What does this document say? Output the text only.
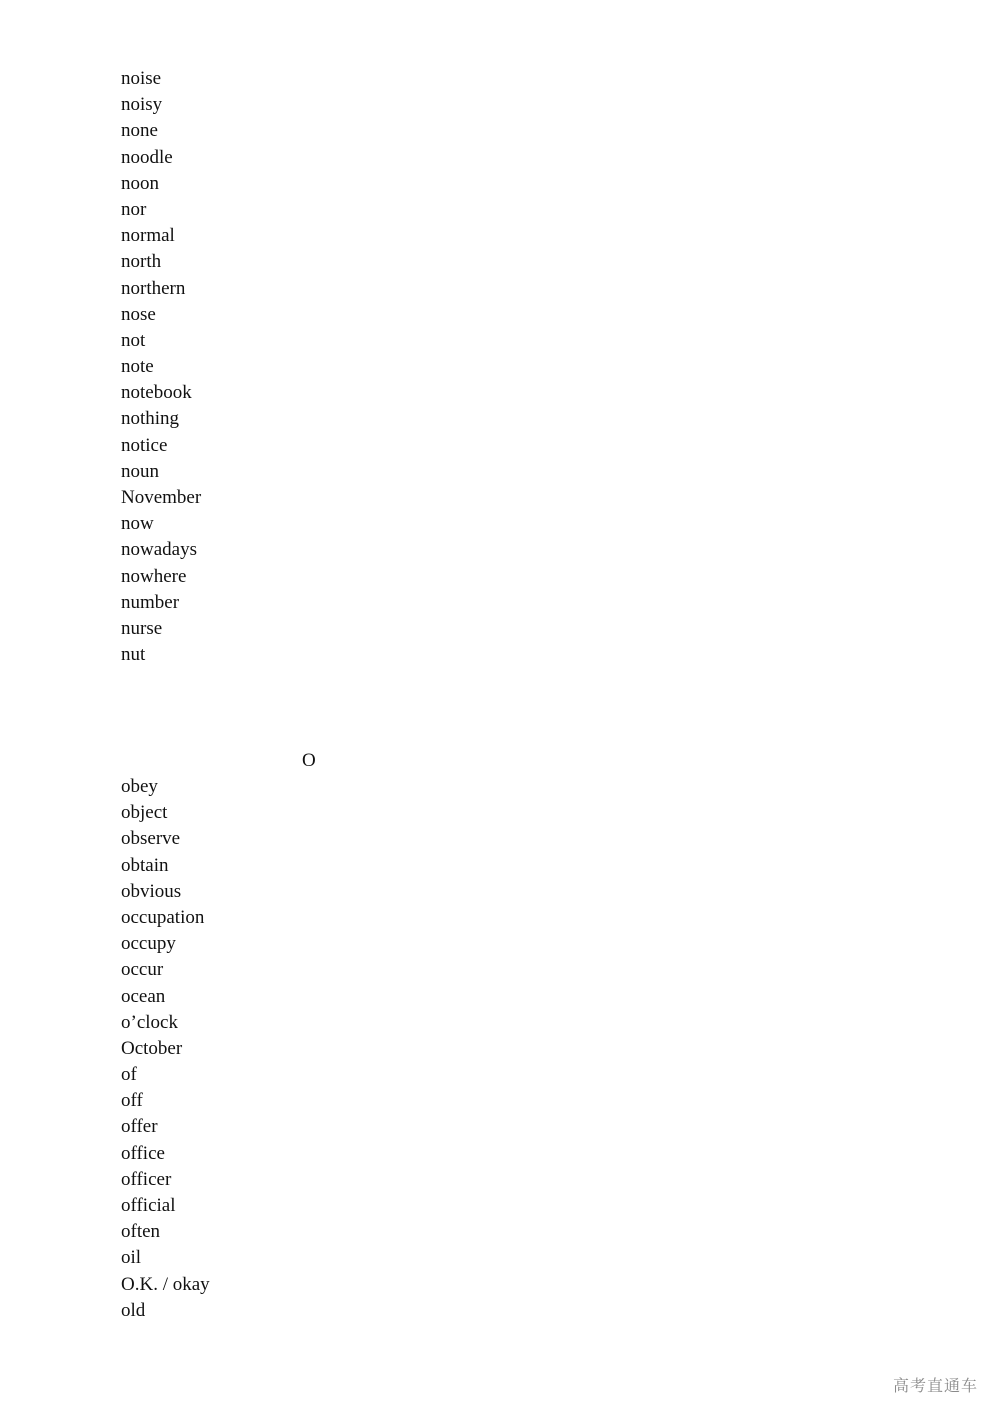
noise
noisy
none
noodle
noon
nor
normal
north
northern
nose
not
note
notebook
nothing
notice
noun
November
now
nowadays
nowhere
number
nurse
nut
O
obey
object
observe
obtain
obvious
occupation
occupy
occur
ocean
o’clock
October
of
off
offer
office
officer
official
often
oil
O.K. / okay
old
高考直通车
